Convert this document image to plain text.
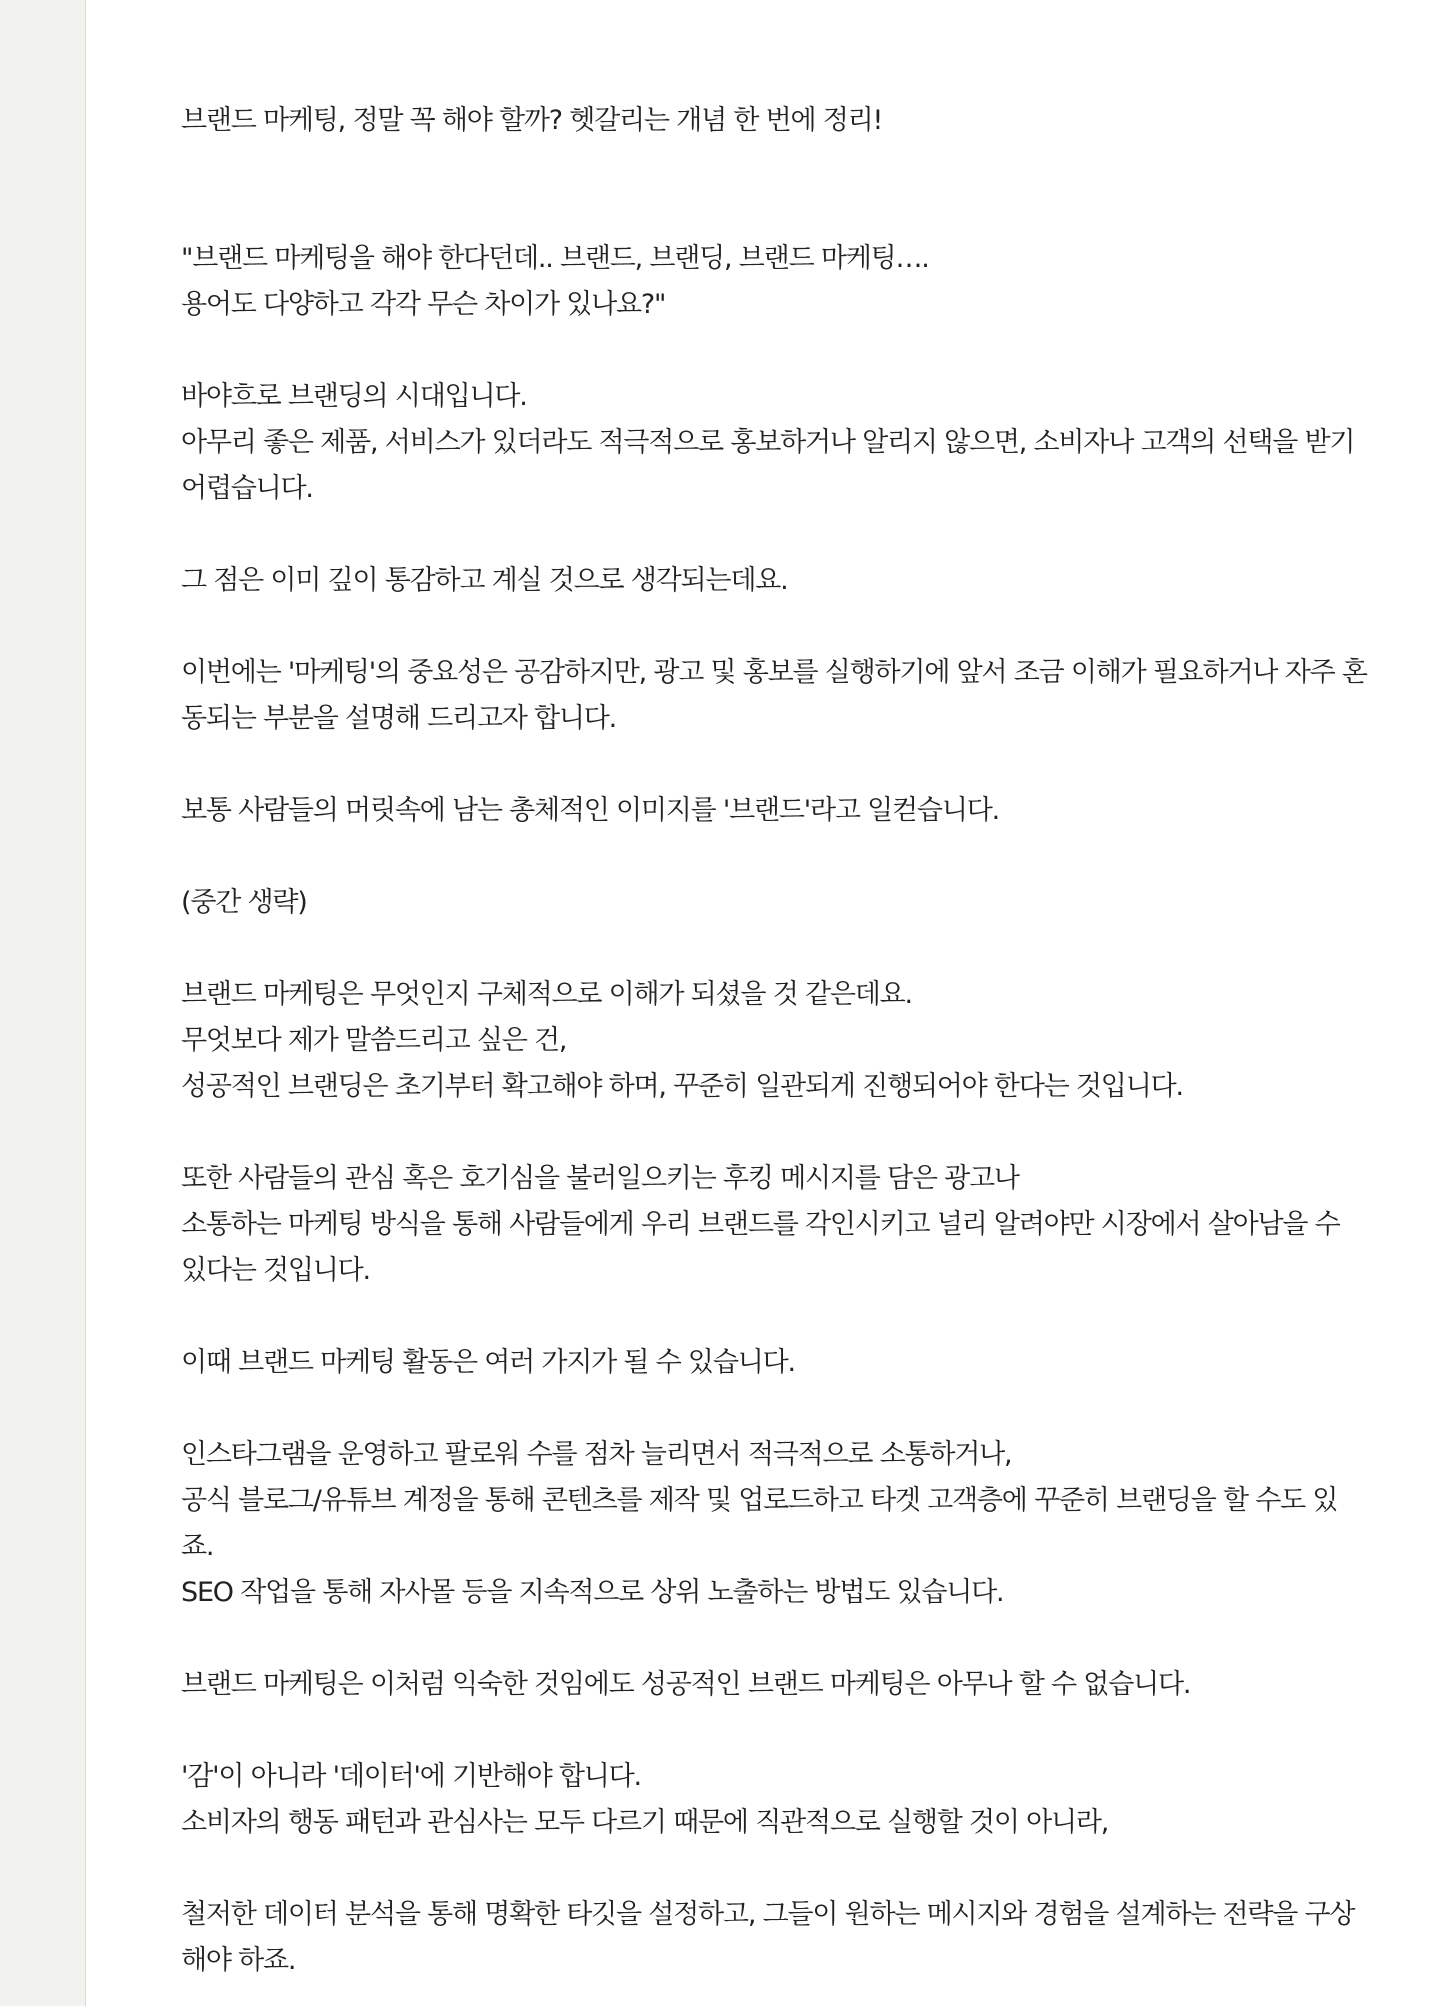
브랜드 마케팅, 정말 꼭 해야 할까? 헷갈리는 개념 한 번에 정리!

"브랜드 마케팅을 해야 한다던데.. 브랜드, 브랜딩, 브랜드 마케팅….
용어도 다양하고 각각 무슨 차이가 있나요?"

바야흐로 브랜딩의 시대입니다.
아무리 좋은 제품, 서비스가 있더라도 적극적으로 홍보하거나 알리지 않으면, 소비자나 고객의 선택을 받기
어렵습니다.

그 점은 이미 깊이 통감하고 계실 것으로 생각되는데요.

이번에는 '마케팅'의 중요성은 공감하지만, 광고 및 홍보를 실행하기에 앞서 조금 이해가 필요하거나 자주 혼
동되는 부분을 설명해 드리고자 합니다.

보통 사람들의 머릿속에 남는 총체적인 이미지를 '브랜드'라고 일컫습니다.

(중간 생략)

브랜드 마케팅은 무엇인지 구체적으로 이해가 되셨을 것 같은데요.
무엇보다 제가 말씀드리고 싶은 건,
성공적인 브랜딩은 초기부터 확고해야 하며, 꾸준히 일관되게 진행되어야 한다는 것입니다.

또한 사람들의 관심 혹은 호기심을 불러일으키는 후킹 메시지를 담은 광고나
소통하는 마케팅 방식을 통해 사람들에게 우리 브랜드를 각인시키고 널리 알려야만 시장에서 살아남을 수
있다는 것입니다.

이때 브랜드 마케팅 활동은 여러 가지가 될 수 있습니다.

인스타그램을 운영하고 팔로워 수를 점차 늘리면서 적극적으로 소통하거나,
공식 블로그/유튜브 계정을 통해 콘텐츠를 제작 및 업로드하고 타겟 고객층에 꾸준히 브랜딩을 할 수도 있
죠.
SEO 작업을 통해 자사몰 등을 지속적으로 상위 노출하는 방법도 있습니다.

브랜드 마케팅은 이처럼 익숙한 것임에도 성공적인 브랜드 마케팅은 아무나 할 수 없습니다.

'감'이 아니라 '데이터'에 기반해야 합니다.
소비자의 행동 패턴과 관심사는 모두 다르기 때문에 직관적으로 실행할 것이 아니라,

철저한 데이터 분석을 통해 명확한 타깃을 설정하고, 그들이 원하는 메시지와 경험을 설계하는 전략을 구상
해야 하죠.
